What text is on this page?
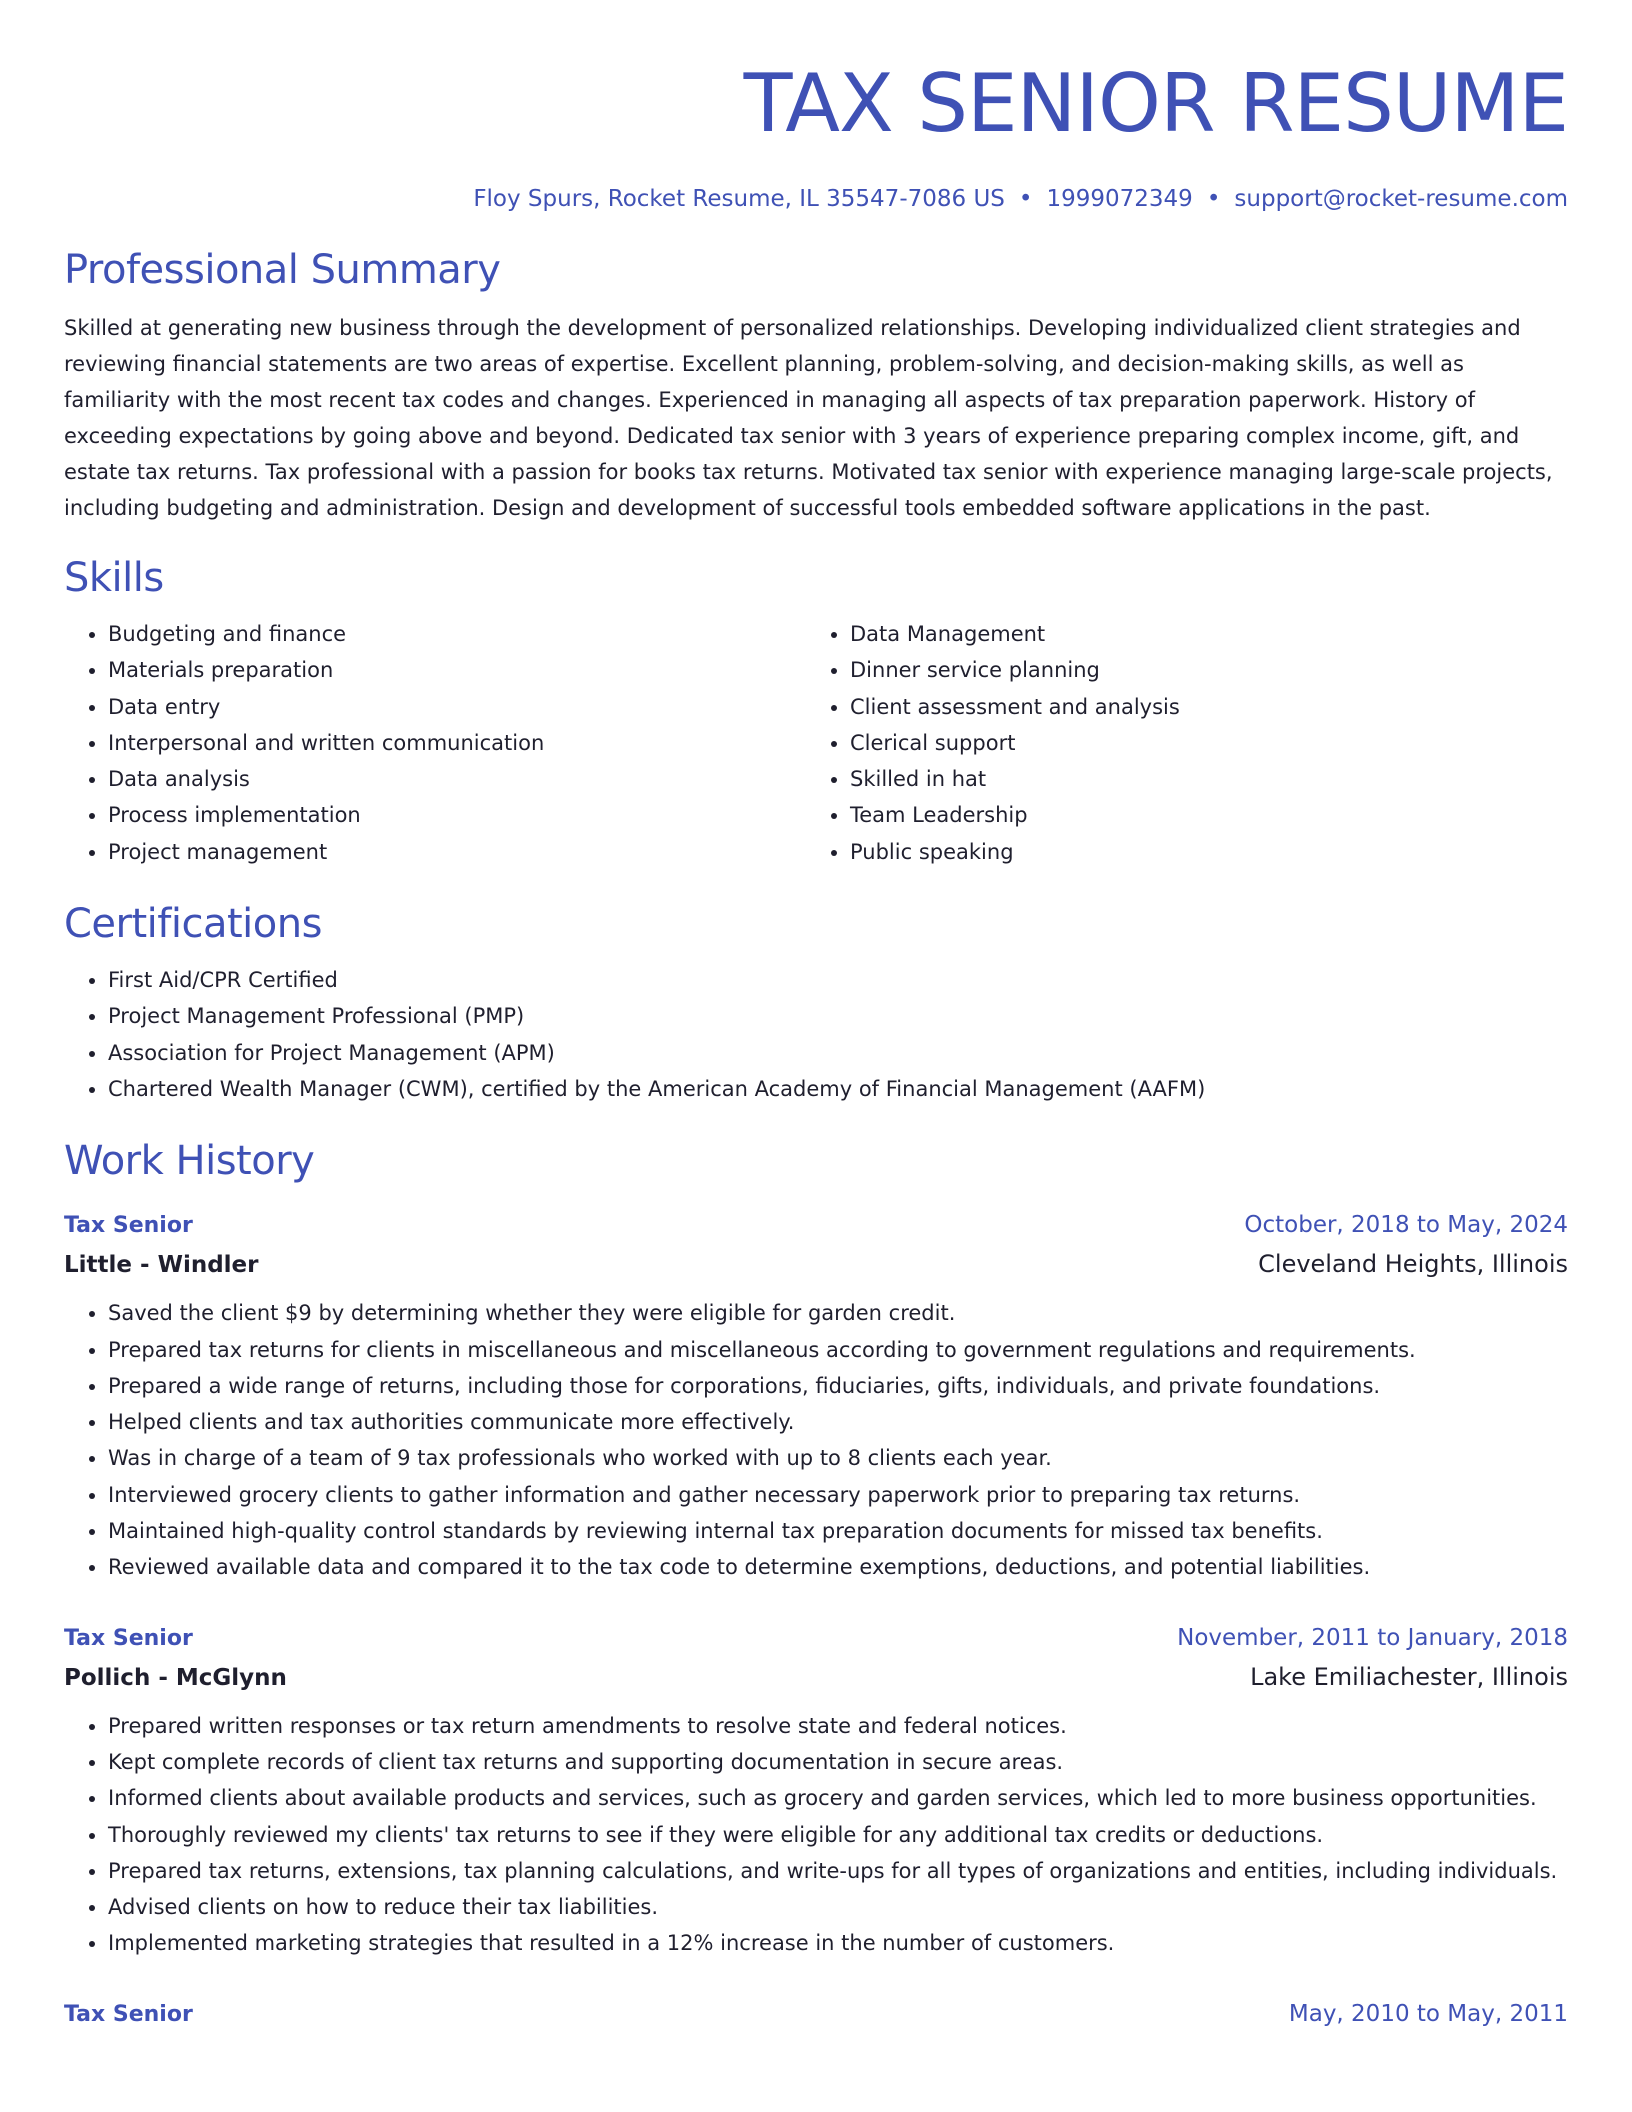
TAX SENIOR RESUME
Floy Spurs, Rocket Resume, IL 35547-7086 US • 1999072349 • support@rocket-resume.com
Professional Summary

Skilled at generating new business through the development of personalized relationships. Developing individualized client strategies and reviewing financial statements are two areas of expertise. Excellent planning, problem-solving, and decision-making skills, as well as familiarity with the most recent tax codes and changes. Experienced in managing all aspects of tax preparation paperwork. History of exceeding expectations by going above and beyond. Dedicated tax senior with 3 years of experience preparing complex income, gift, and estate tax returns. Tax professional with a passion for books tax returns. Motivated tax senior with experience managing large-scale projects, including budgeting and administration. Design and development of successful tools embedded software applications in the past.

Skills
• Budgeting and finance
• Materials preparation
• Data entry
• Interpersonal and written communication
• Data analysis
• Process implementation
• Project management
• Data Management
• Dinner service planning
• Client assessment and analysis
• Clerical support
• Skilled in hat
• Team Leadership
• Public speaking
Certifications
• First Aid/CPR Certified
• Project Management Professional (PMP)
• Association for Project Management (APM)
• Chartered Wealth Manager (CWM), certified by the American Academy of Financial Management (AAFM)
Work History
Tax Senior	October, 2018 to May, 2024
Little - Windler	Cleveland Heights, Illinois
• Saved the client $9 by determining whether they were eligible for garden credit.
• Prepared tax returns for clients in miscellaneous and miscellaneous according to government regulations and requirements.
• Prepared a wide range of returns, including those for corporations, fiduciaries, gifts, individuals, and private foundations.
• Helped clients and tax authorities communicate more effectively.
• Was in charge of a team of 9 tax professionals who worked with up to 8 clients each year.
• Interviewed grocery clients to gather information and gather necessary paperwork prior to preparing tax returns.
• Maintained high-quality control standards by reviewing internal tax preparation documents for missed tax benefits.
• Reviewed available data and compared it to the tax code to determine exemptions, deductions, and potential liabilities.
Tax Senior	November, 2011 to January, 2018
Pollich - McGlynn	Lake Emiliachester, Illinois
• Prepared written responses or tax return amendments to resolve state and federal notices.
• Kept complete records of client tax returns and supporting documentation in secure areas.
• Informed clients about available products and services, such as grocery and garden services, which led to more business opportunities.
• Thoroughly reviewed my clients' tax returns to see if they were eligible for any additional tax credits or deductions.
• Prepared tax returns, extensions, tax planning calculations, and write-ups for all types of organizations and entities, including individuals.
• Advised clients on how to reduce their tax liabilities.
• Implemented marketing strategies that resulted in a 12% increase in the number of customers.
Tax Senior	May, 2010 to May, 2011
